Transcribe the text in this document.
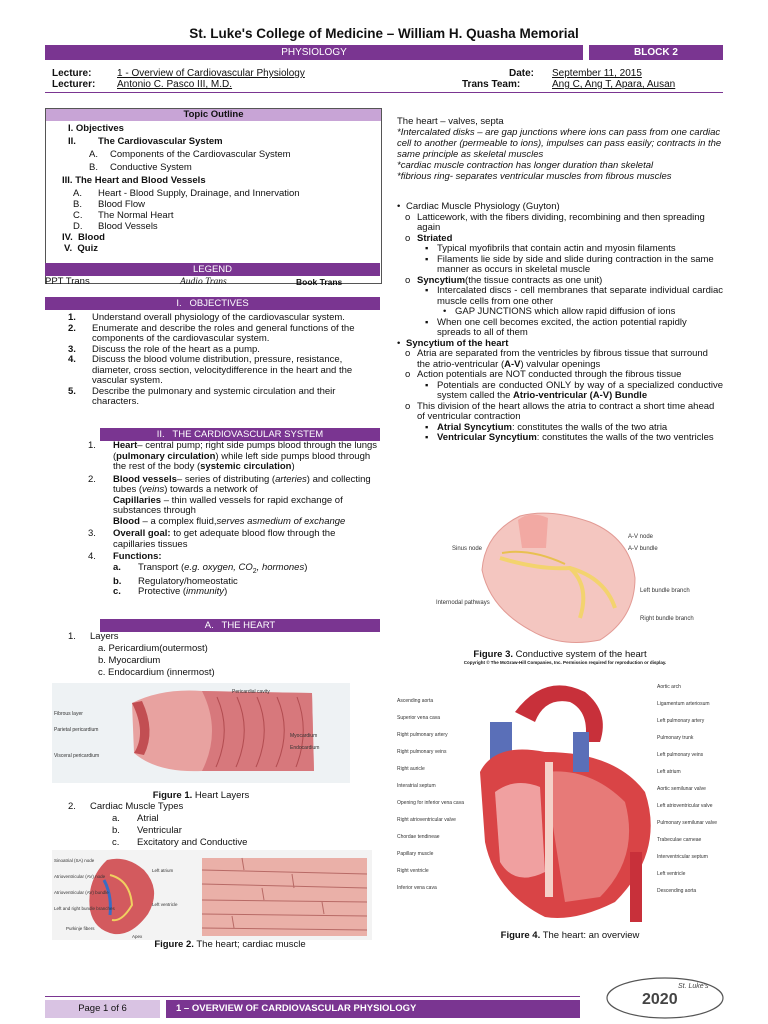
St. Luke's College of Medicine – William H. Quasha Memorial
PHYSIOLOGY	BLOCK 2
Lecture:	1 - Overview of Cardiovascular Physiology
Lecturer: Antonio C. Pasco III, M.D.
Date: September 11, 2015
Trans Team:	Ang C, Ang T, Apara, Ausan
Topic Outline
I. Objectives
II. The Cardiovascular System
A. Components of the Cardiovascular System
B. Conductive System
III. The Heart and Blood Vessels
A. Heart - Blood Supply, Drainage, and Innervation
B. Blood Flow
C. The Normal Heart
D. Blood Vessels
IV.  Blood
V.  Quiz
LEGEND
PPT Trans	Audio Trans	Book Trans
I.   OBJECTIVES
1.	Understand overall physiology of the cardiovascular system.
2.	Enumerate and describe the roles and general functions of the components of the cardiovascular system.
3.	Discuss the role of the heart as a pump.
4.	Discuss the blood volume distribution, pressure, resistance, diameter, cross section, velocitydifference in the heart and the vascular system.
5.	Describe the pulmonary and systemic circulation and their characters.
II.   THE CARDIOVASCULAR SYSTEM
1.	Heart– central pump; right side pumps blood through the lungs (pulmonary circulation) while left side pumps blood through the rest of the body (systemic circulation)
2.	Blood vessels– series of distributing (arteries) and collecting tubes (veins) towards a network of
Capillaries – thin walled vessels for rapid exchange of substances through
Blood – a complex fluid,serves asmedium of exchange
3.	Overall goal: to get adequate blood flow through the capillaries tissues
4.	Functions:
a.	Transport (e.g. oxygen, $CO_2$, hormones)
b.	Regulatory/homeostatic
c.	Protective (immunity)
A.   THE HEART
1. Layers
a. Pericardium(outermost)
b. Myocardium
c. Endocardium (innermost)
Pericardial cavity
Fibrous layer
Parietal pericardium
Visceral pericardium
Myocardium
Endocardium
Figure 1. Heart Layers
2. Cardiac Muscle Types
a. Atrial
b. Ventricular
c. Excitatory and Conductive
Sinoatrial (SA) node
Atrioventricular (AV) node
Atrioventricular (AV) bundle
Left and right bundle branches
Purkinje fibers
Left atrium
Left ventricle
Apex
Figure 2. The heart; cardiac muscle
The heart – valves, septa
*Intercalated disks – are gap junctions where ions can pass from one cardiac cell to another (permeable to ions), impulses can pass easily; contracts in the same principle as skeletal muscles
*cardiac muscle contraction has longer duration than skeletal
*fibrious ring- separates ventricular muscles from fibrous muscles
• Cardiac Muscle Physiology (Guyton)
o Latticework, with the fibers dividing, recombining and then spreading again
o Striated
▪ Typical myofibrils that contain actin and myosin filaments
▪ Filaments lie side by side and slide during contraction in the same manner as occurs in skeletal muscle
o Syncytium(the tissue contracts as one unit)
▪ Intercalated discs - cell membranes that separate individual cardiac muscle cells from one other
• GAP JUNCTIONS which allow rapid diffusion of ions
▪ When one cell becomes excited, the action potential rapidly spreads to all of them
• Syncytium of the heart
o Atria are separated from the ventricles by fibrous tissue that surround the atrio-ventricular (A-V) valvular openings
o Action potentials are NOT conducted through the fibrous tissue
▪ Potentials are conducted ONLY by way of a specialized conductive system called the Atrio-ventricular (A-V) Bundle
o This division of the heart allows the atria to contract a short time ahead of ventricular contraction
▪ Atrial Syncytium: constitutes the walls of the two atria
▪ Ventricular Syncytium: constitutes the walls of the two ventricles
Sinus node
Internodal pathways
A-V node
A-V bundle
Left bundle branch
Right bundle branch
Figure 3. Conductive system of the heart
Copyright © The McGraw-Hill Companies, Inc. Permission required for reproduction or display.
Ascending aorta
Superior vena cava
Right pulmonary artery
Right pulmonary veins
Right auricle
Interatrial septum
Opening for inferior vena cava
Right atrioventricular valve
Chordae tendineae
Papillary muscle
Right ventricle
Inferior vena cava
Aortic arch
Ligamentum arteriosum
Left pulmonary artery
Pulmonary trunk
Left pulmonary veins
Left atrium
Aortic semilunar valve
Left atrioventricular valve
Pulmonary semilunar valve
Trabeculae carneae
Interventricular septum
Left ventricle
Descending aorta
Figure 4. The heart: an overview
Page 1 of 6	1 – OVERVIEW OF CARDIOVASCULAR PHYSIOLOGY
2020
St. Luke's
